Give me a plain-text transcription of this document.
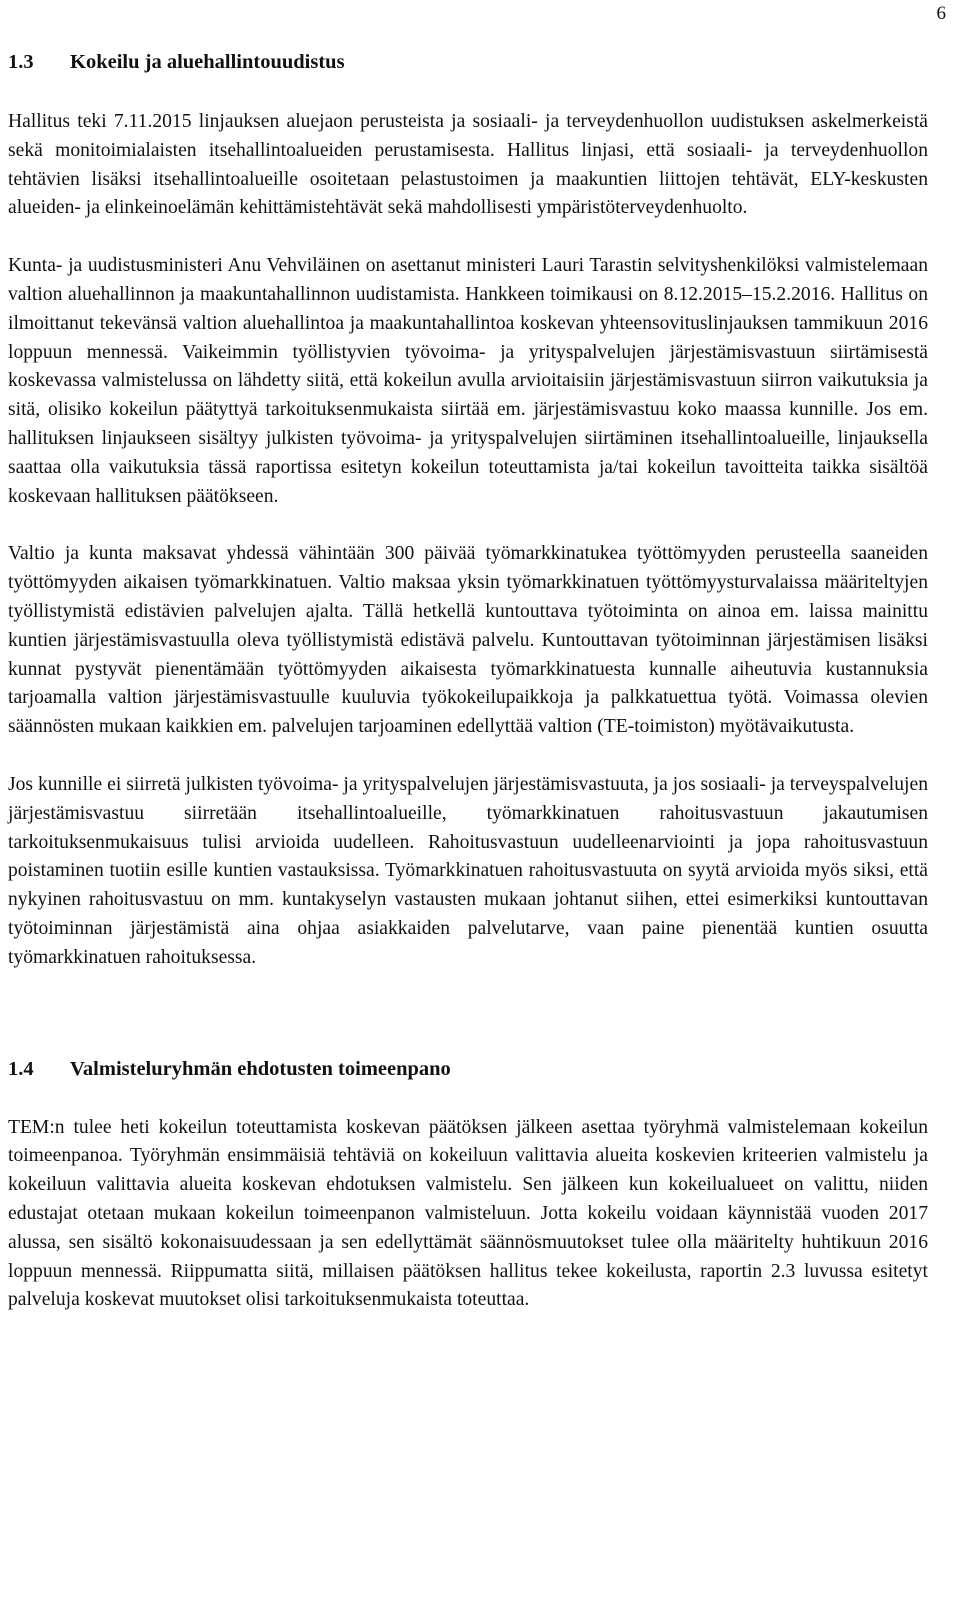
6
1.3	Kokeilu ja aluehallintouudistus

Hallitus teki 7.11.2015 linjauksen aluejaon perusteista ja sosiaali- ja terveydenhuollon uudistuksen askelmerkeistä sekä monitoimialaisten itsehallintoalueiden perustamisesta. Hallitus linjasi, että sosiaali- ja terveydenhuollon tehtävien lisäksi itsehallintoalueille osoitetaan pelastustoimen ja maakuntien liittojen tehtävät, ELY-keskusten alueiden- ja elinkeinoelämän kehittämistehtävät sekä mahdollisesti ympäristöterveydenhuolto.

Kunta- ja uudistusministeri Anu Vehviläinen on asettanut ministeri Lauri Tarastin selvityshenkilöksi valmistelemaan valtion aluehallinnon ja maakuntahallinnon uudistamista. Hankkeen toimikausi on 8.12.2015–15.2.2016. Hallitus on ilmoittanut tekevänsä valtion aluehallintoa ja maakuntahallintoa koskevan yhteensovituslinjauksen tammikuun 2016 loppuun mennessä. Vaikeimmin työllistyvien työvoima- ja yrityspalvelujen järjestämisvastuun siirtämisestä koskevassa valmistelussa on lähdetty siitä, että kokeilun avulla arvioitaisiin järjestämisvastuun siirron vaikutuksia ja sitä, olisiko kokeilun päätyttyä tarkoituksenmukaista siirtää em. järjestämisvastuu koko maassa kunnille. Jos em. hallituksen linjaukseen sisältyy julkisten työvoima- ja yrityspalvelujen siirtäminen itsehallintoalueille, linjauksella saattaa olla vaikutuksia tässä raportissa esitetyn kokeilun toteuttamista ja/tai kokeilun tavoitteita taikka sisältöä koskevaan hallituksen päätökseen.

Valtio ja kunta maksavat yhdessä vähintään 300 päivää työmarkkinatukea työttömyyden perusteella saaneiden työttömyyden aikaisen työmarkkinatuen. Valtio maksaa yksin työmarkkinatuen työttömyysturvalaissa määriteltyjen työllistymistä edistävien palvelujen ajalta. Tällä hetkellä kuntouttava työtoiminta on ainoa em. laissa mainittu kuntien järjestämisvastuulla oleva työllistymistä edistävä palvelu. Kuntouttavan työtoiminnan järjestämisen lisäksi kunnat pystyvät pienentämään työttömyyden aikaisesta työmarkkinatuesta kunnalle aiheutuvia kustannuksia tarjoamalla valtion järjestämisvastuulle kuuluvia työkokeilupaikkoja ja palkkatuettua työtä. Voimassa olevien säännösten mukaan kaikkien em. palvelujen tarjoaminen edellyttää valtion (TE-toimiston) myötävaikutusta.

Jos kunnille ei siirretä julkisten työvoima- ja yrityspalvelujen järjestämisvastuuta, ja jos sosiaali- ja terveyspalvelujen järjestämisvastuu siirretään itsehallintoalueille, työmarkkinatuen rahoitusvastuun jakautumisen tarkoituksenmukaisuus tulisi arvioida uudelleen. Rahoitusvastuun uudelleenarviointi ja jopa rahoitusvastuun poistaminen tuotiin esille kuntien vastauksissa. Työmarkkinatuen rahoitusvastuuta on syytä arvioida myös siksi, että nykyinen rahoitusvastuu on mm. kuntakyselyn vastausten mukaan johtanut siihen, ettei esimerkiksi kuntouttavan työtoiminnan järjestämistä aina ohjaa asiakkaiden palvelutarve, vaan paine pienentää kuntien osuutta työmarkkinatuen rahoituksessa.

1.4	Valmisteluryhmän ehdotusten toimeenpano

TEM:n tulee heti kokeilun toteuttamista koskevan päätöksen jälkeen asettaa työryhmä valmistelemaan kokeilun toimeenpanoa. Työryhmän ensimmäisiä tehtäviä on kokeiluun valittavia alueita koskevien kriteerien valmistelu ja kokeiluun valittavia alueita koskevan ehdotuksen valmistelu. Sen jälkeen kun kokeilualueet on valittu, niiden edustajat otetaan mukaan kokeilun toimeenpanon valmisteluun. Jotta kokeilu voidaan käynnistää vuoden 2017 alussa, sen sisältö kokonaisuudessaan ja sen edellyttämät säännösmuutokset tulee olla määritelty huhtikuun 2016 loppuun mennessä. Riippumatta siitä, millaisen päätöksen hallitus tekee kokeilusta, raportin 2.3 luvussa esitetyt palveluja koskevat muutokset olisi tarkoituksenmukaista toteuttaa.
